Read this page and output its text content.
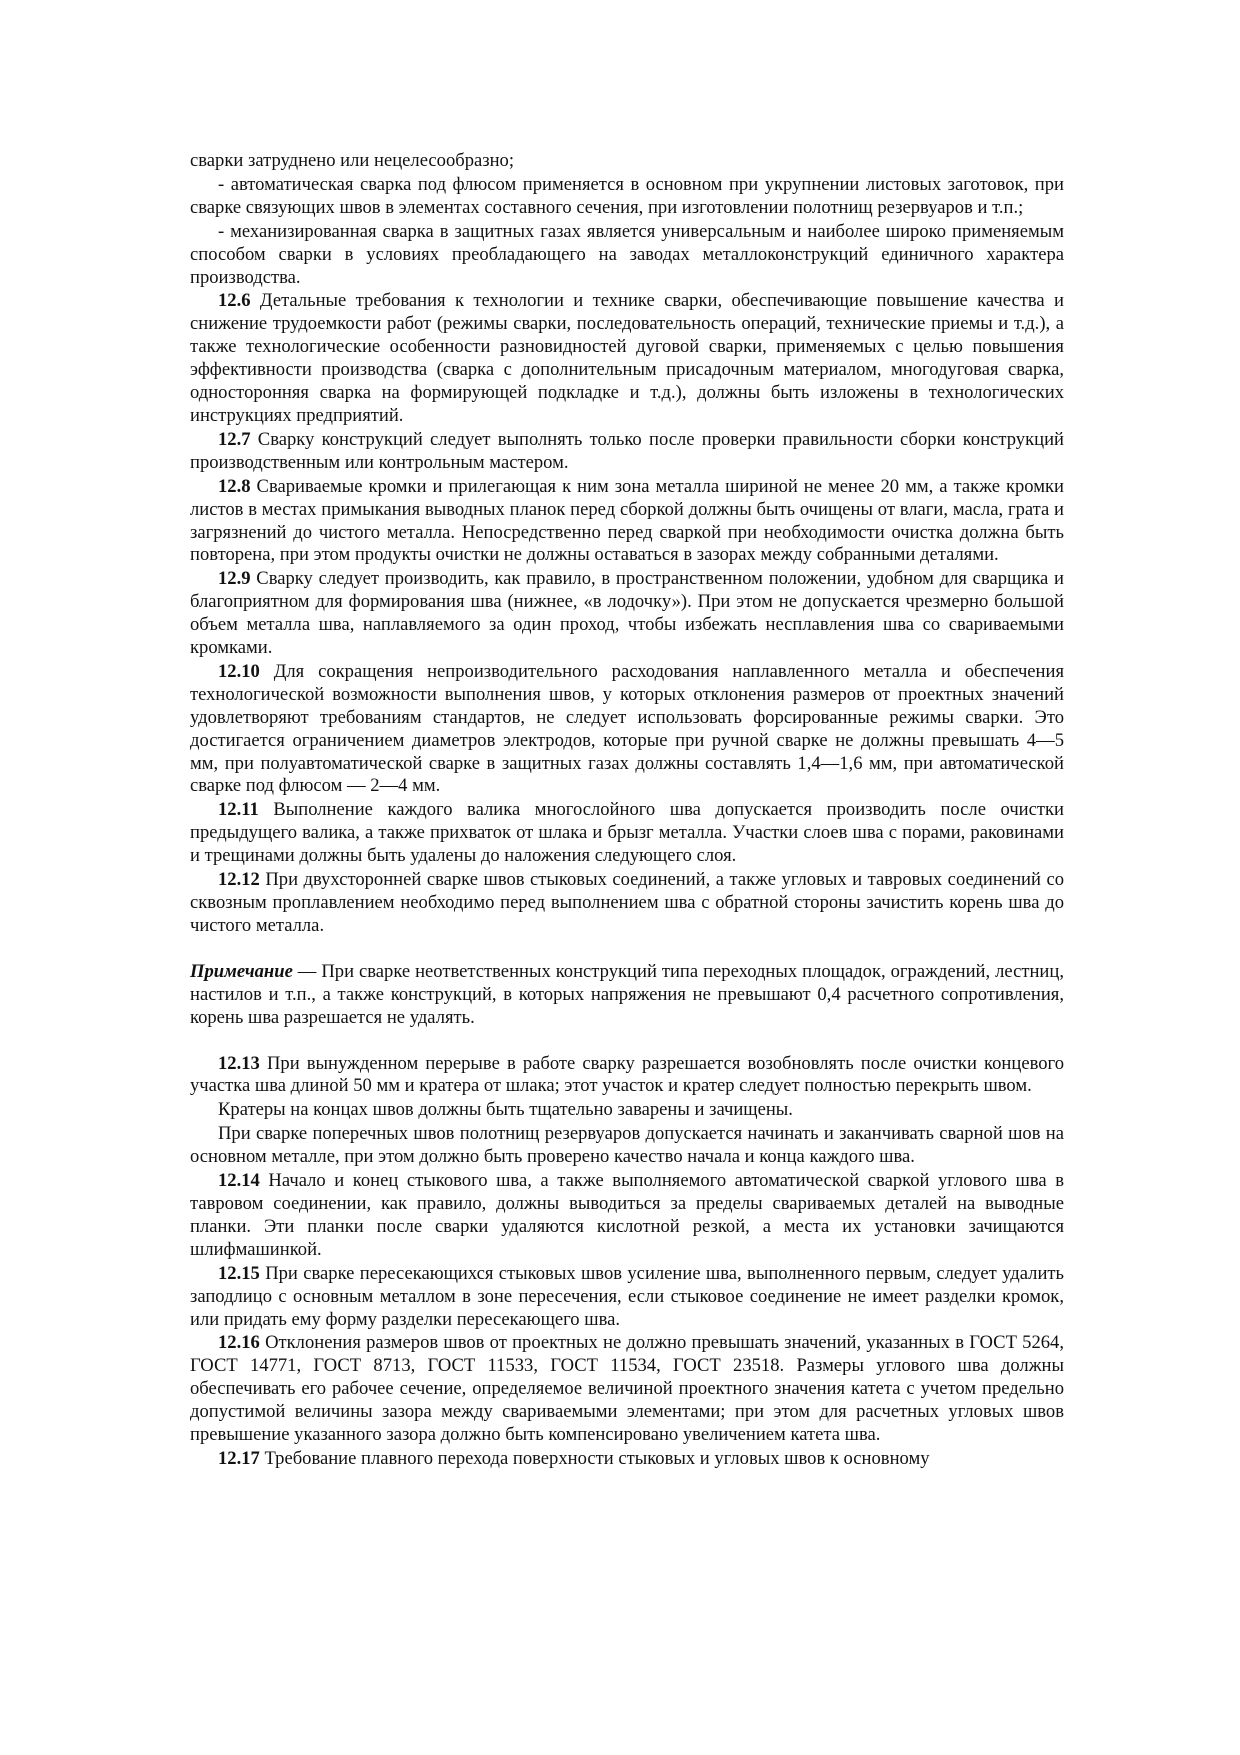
сварки затруднено или нецелесообразно;

- автоматическая сварка под флюсом применяется в основном при укрупнении листовых заготовок, при сварке связующих швов в элементах составного сечения, при изготовлении полотнищ резервуаров и т.п.;

- механизированная сварка в защитных газах является универсальным и наиболее широко применяемым способом сварки в условиях преобладающего на заводах металлоконструкций единичного характера производства.

12.6 Детальные требования к технологии и технике сварки, обеспечивающие повышение качества и снижение трудоемкости работ (режимы сварки, последовательность операций, технические приемы и т.д.), а также технологические особенности разновидностей дуговой сварки, применяемых с целью повышения эффективности производства (сварка с дополнительным присадочным материалом, многодуговая сварка, односторонняя сварка на формирующей подкладке и т.д.), должны быть изложены в технологических инструкциях предприятий.

12.7 Сварку конструкций следует выполнять только после проверки правильности сборки конструкций производственным или контрольным мастером.

12.8 Свариваемые кромки и прилегающая к ним зона металла шириной не менее 20 мм, а также кромки листов в местах примыкания выводных планок перед сборкой должны быть очищены от влаги, масла, грата и загрязнений до чистого металла. Непосредственно перед сваркой при необходимости очистка должна быть повторена, при этом продукты очистки не должны оставаться в зазорах между собранными деталями.

12.9 Сварку следует производить, как правило, в пространственном положении, удобном для сварщика и благоприятном для формирования шва (нижнее, «в лодочку»). При этом не допускается чрезмерно большой объем металла шва, наплавляемого за один проход, чтобы избежать несплавления шва со свариваемыми кромками.

12.10 Для сокращения непроизводительного расходования наплавленного металла и обеспечения технологической возможности выполнения швов, у которых отклонения размеров от проектных значений удовлетворяют требованиям стандартов, не следует использовать форсированные режимы сварки. Это достигается ограничением диаметров электродов, которые при ручной сварке не должны превышать 4—5 мм, при полуавтоматической сварке в защитных газах должны составлять 1,4—1,6 мм, при автоматической сварке под флюсом — 2—4 мм.

12.11 Выполнение каждого валика многослойного шва допускается производить после очистки предыдущего валика, а также прихваток от шлака и брызг металла. Участки слоев шва с порами, раковинами и трещинами должны быть удалены до наложения следующего слоя.

12.12 При двухсторонней сварке швов стыковых соединений, а также угловых и тавровых соединений со сквозным проплавлением необходимо перед выполнением шва с обратной стороны зачистить корень шва до чистого металла.

Примечание — При сварке неответственных конструкций типа переходных площадок, ограждений, лестниц, настилов и т.п., а также конструкций, в которых напряжения не превышают 0,4 расчетного сопротивления, корень шва разрешается не удалять.

12.13 При вынужденном перерыве в работе сварку разрешается возобновлять после очистки концевого участка шва длиной 50 мм и кратера от шлака; этот участок и кратер следует полностью перекрыть швом.

Кратеры на концах швов должны быть тщательно заварены и зачищены.

При сварке поперечных швов полотнищ резервуаров допускается начинать и заканчивать сварной шов на основном металле, при этом должно быть проверено качество начала и конца каждого шва.

12.14 Начало и конец стыкового шва, а также выполняемого автоматической сваркой углового шва в тавровом соединении, как правило, должны выводиться за пределы свариваемых деталей на выводные планки. Эти планки после сварки удаляются кислотной резкой, а места их установки зачищаются шлифмашинкой.

12.15 При сварке пересекающихся стыковых швов усиление шва, выполненного первым, следует удалить заподлицо с основным металлом в зоне пересечения, если стыковое соединение не имеет разделки кромок, или придать ему форму разделки пересекающего шва.

12.16 Отклонения размеров швов от проектных не должно превышать значений, указанных в ГОСТ 5264, ГОСТ 14771, ГОСТ 8713, ГОСТ 11533, ГОСТ 11534, ГОСТ 23518. Размеры углового шва должны обеспечивать его рабочее сечение, определяемое величиной проектного значения катета с учетом предельно допустимой величины зазора между свариваемыми элементами; при этом для расчетных угловых швов превышение указанного зазора должно быть компенсировано увеличением катета шва.

12.17 Требование плавного перехода поверхности стыковых и угловых швов к основному
